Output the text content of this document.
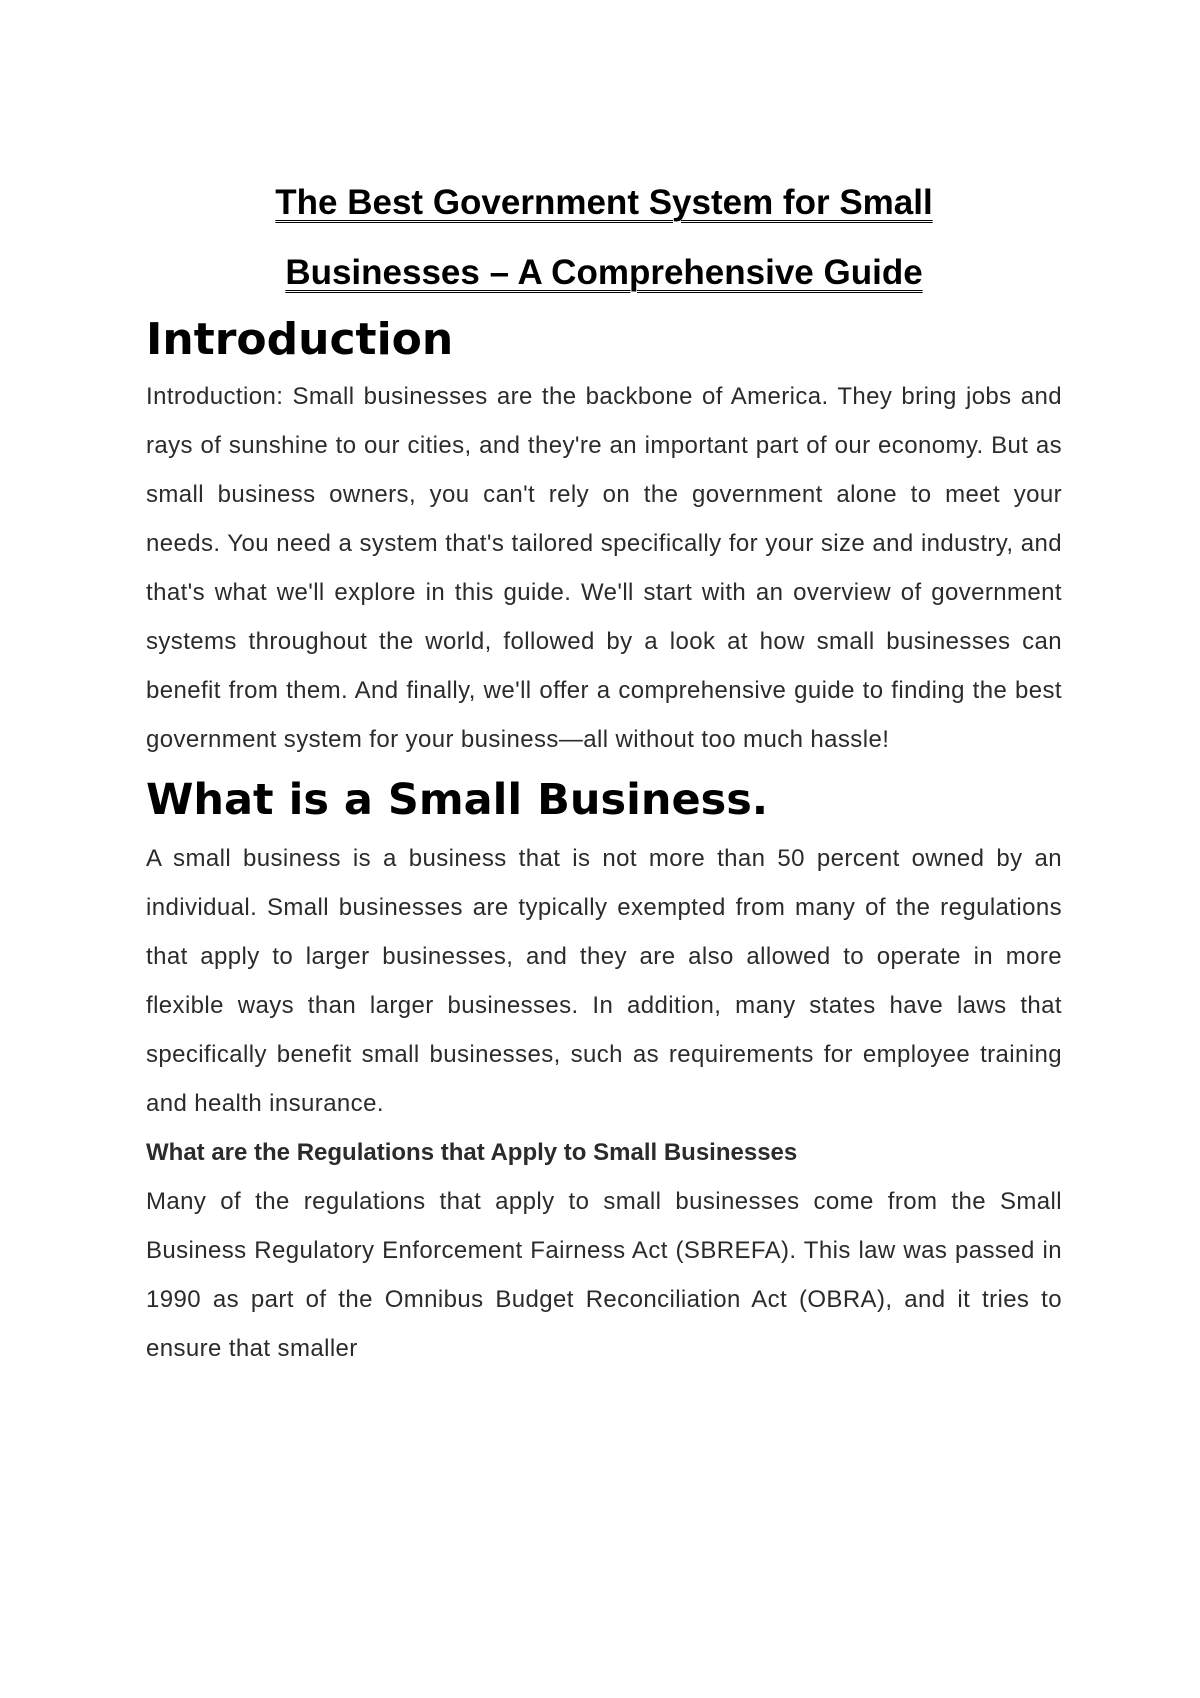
The Best Government System for Small
Businesses – A Comprehensive Guide
Introduction

Introduction: Small businesses are the backbone of America. They bring jobs and rays of sunshine to our cities, and they're an important part of our economy. But as small business owners, you can't rely on the government alone to meet your needs. You need a system that's tailored specifically for your size and industry, and that's what we'll explore in this guide. We'll start with an overview of government systems throughout the world, followed by a look at how small businesses can benefit from them. And finally, we'll offer a comprehensive guide to finding the best government system for your business—all without too much hassle!

What is a Small Business.

A small business is a business that is not more than 50 percent owned by an individual. Small businesses are typically exempted from many of the regulations that apply to larger businesses, and they are also allowed to operate in more flexible ways than larger businesses. In addition, many states have laws that specifically benefit small businesses, such as requirements for employee training and health insurance.

What are the Regulations that Apply to Small Businesses

Many of the regulations that apply to small businesses come from the Small Business Regulatory Enforcement Fairness Act (SBREFA). This law was passed in 1990 as part of the Omnibus Budget Reconciliation Act (OBRA), and it tries to ensure that smaller
